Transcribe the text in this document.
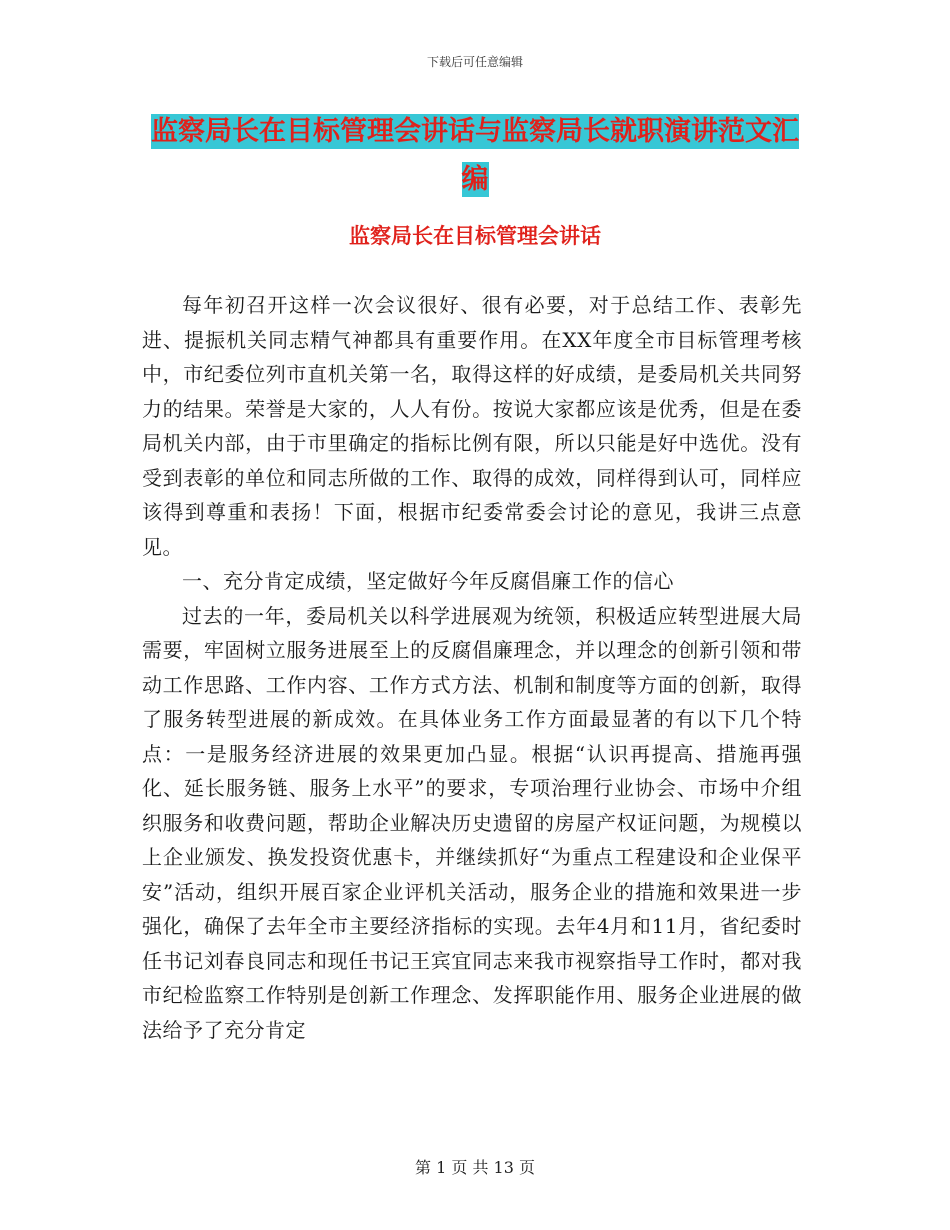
下载后可任意编辑
监察局长在目标管理会讲话与监察局长就职演讲范文汇编
监察局长在目标管理会讲话

每年初召开这样一次会议很好、很有必要，对于总结工作、表彰先进、提振机关同志精气神都具有重要作用。在XX年度全市目标管理考核中，市纪委位列市直机关第一名，取得这样的好成绩，是委局机关共同努力的结果。荣誉是大家的，人人有份。按说大家都应该是优秀，但是在委局机关内部，由于市里确定的指标比例有限，所以只能是好中选优。没有受到表彰的单位和同志所做的工作、取得的成效，同样得到认可，同样应该得到尊重和表扬！下面，根据市纪委常委会讨论的意见，我讲三点意见。

一、充分肯定成绩，坚定做好今年反腐倡廉工作的信心

过去的一年，委局机关以科学进展观为统领，积极适应转型进展大局需要，牢固树立服务进展至上的反腐倡廉理念，并以理念的创新引领和带动工作思路、工作内容、工作方式方法、机制和制度等方面的创新，取得了服务转型进展的新成效。在具体业务工作方面最显著的有以下几个特点：一是服务经济进展的效果更加凸显。根据“认识再提高、措施再强化、延长服务链、服务上水平”的要求，专项治理行业协会、市场中介组织服务和收费问题，帮助企业解决历史遗留的房屋产权证问题，为规模以上企业颁发、换发投资优惠卡，并继续抓好“为重点工程建设和企业保平安”活动，组织开展百家企业评机关活动，服务企业的措施和效果进一步强化，确保了去年全市主要经济指标的实现。去年4月和11月，省纪委时任书记刘春良同志和现任书记王宾宜同志来我市视察指导工作时，都对我市纪检监察工作特别是创新工作理念、发挥职能作用、服务企业进展的做法给予了充分肯定

第 1 页 共 13 页
